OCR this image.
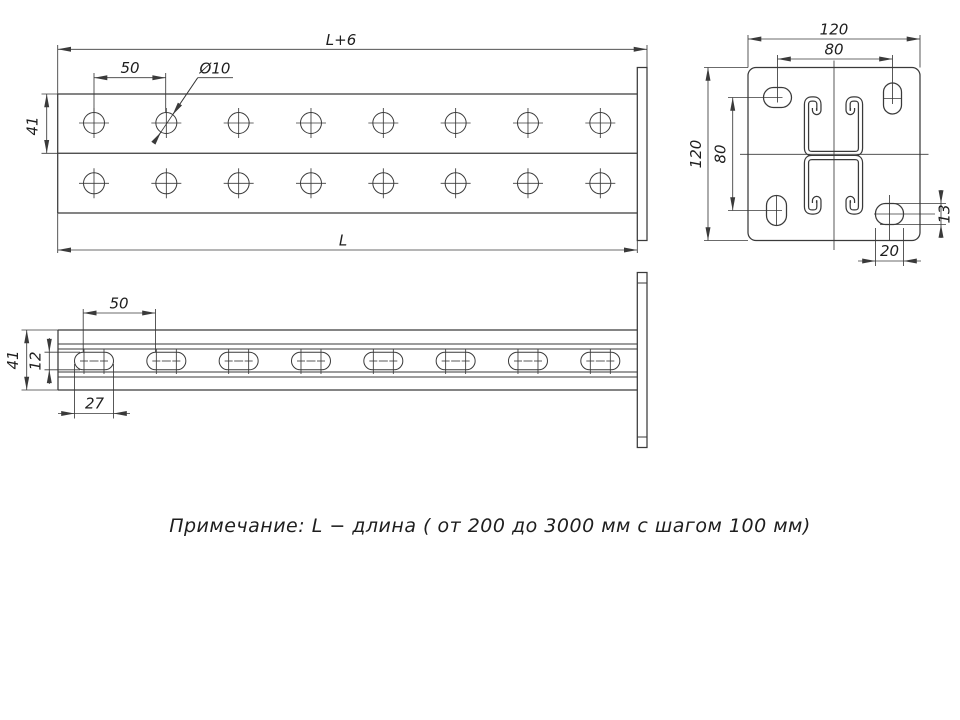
L+6
L
50	Ø10
41
120
80
120 80
13
20
50
41 12
27
Примечание: L − длина ( от 200 до 3000 мм с шагом 100 мм)
